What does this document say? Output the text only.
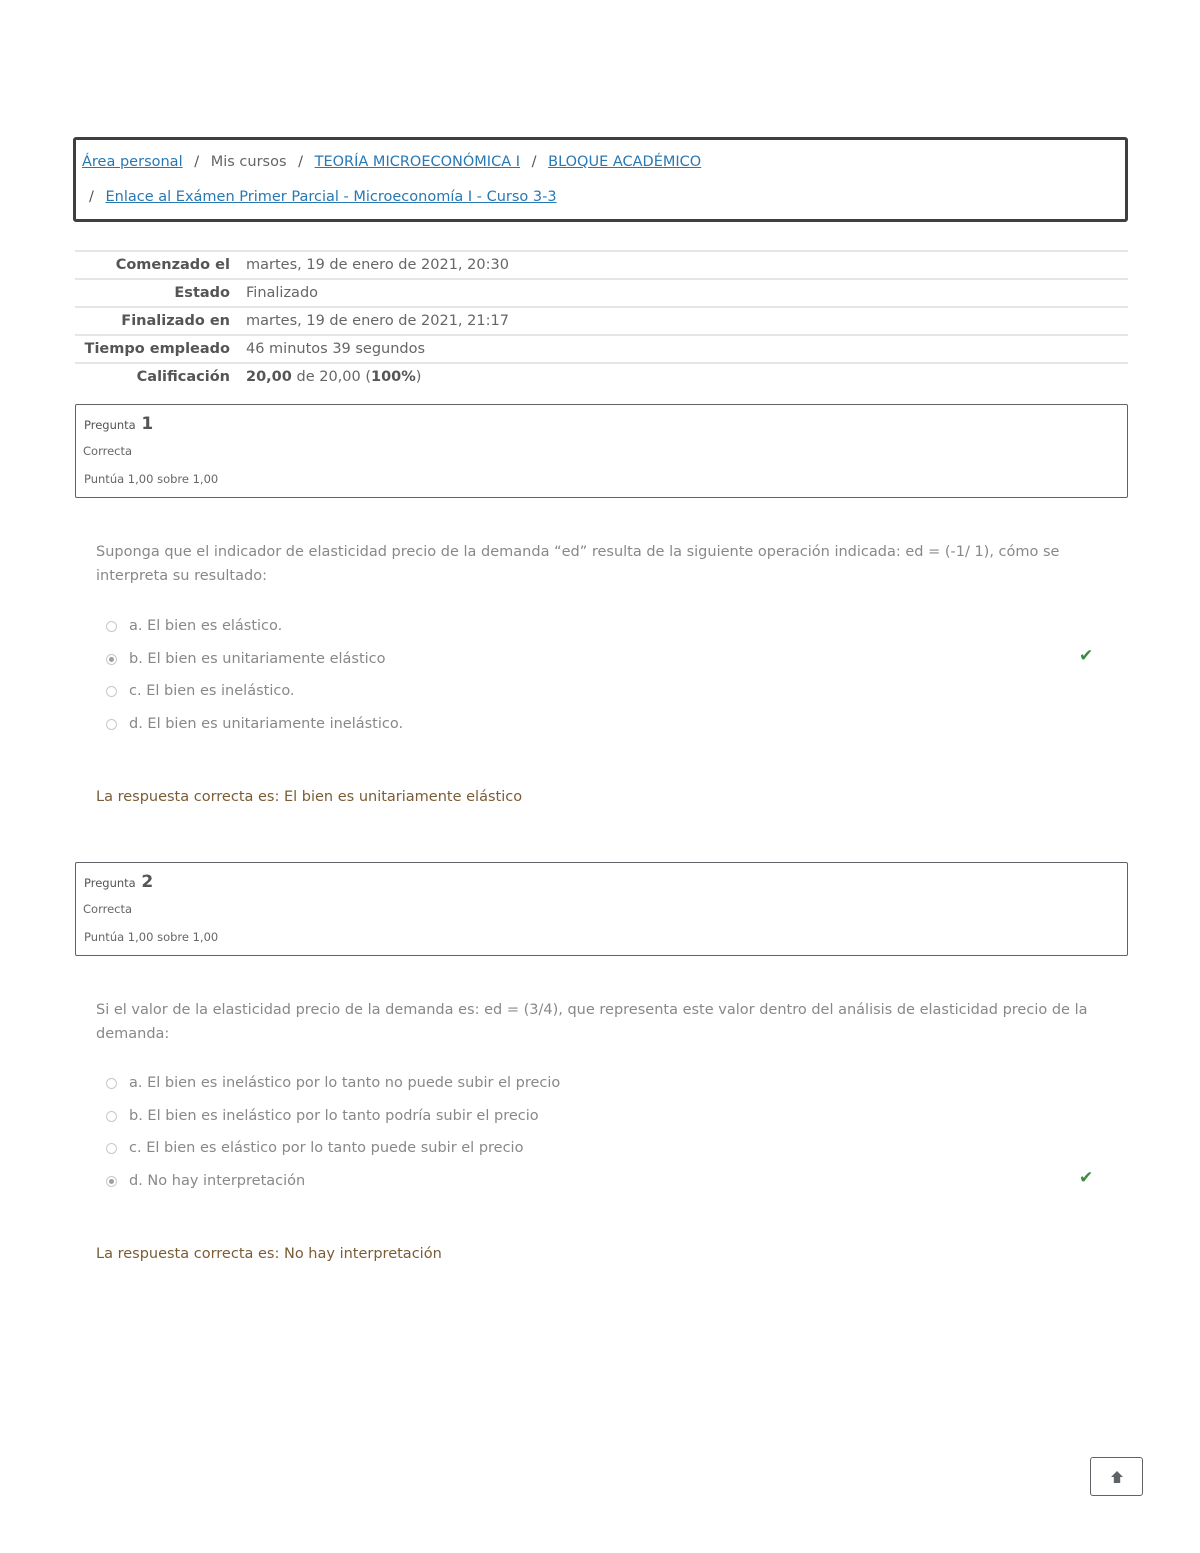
Área personal / Mis cursos / TEORÍA MICROECONÓMICA I / BLOQUE ACADÉMICO
/ Enlace al Exámen Primer Parcial - Microeconomía I - Curso 3-3
Comenzado el martes, 19 de enero de 2021, 20:30
Estado Finalizado
Finalizado en martes, 19 de enero de 2021, 21:17
Tiempo empleado 46 minutos 39 segundos
Calificación 20,00 de 20,00 (100%)
Pregunta 1
Correcta
Puntúa 1,00 sobre 1,00
Suponga que el indicador de elasticidad precio de la demanda “ed” resulta de la siguiente operación indicada: ed = (-1/ 1), cómo se interpreta su resultado:
a. El bien es elástico.
b. El bien es unitariamente elástico	✔
c. El bien es inelástico.
d. El bien es unitariamente inelástico.
La respuesta correcta es: El bien es unitariamente elástico
Pregunta 2
Correcta
Puntúa 1,00 sobre 1,00
Si el valor de la elasticidad precio de la demanda es: ed = (3/4), que representa este valor dentro del análisis de elasticidad precio de la demanda:
a. El bien es inelástico por lo tanto no puede subir el precio
b. El bien es inelástico por lo tanto podría subir el precio
c. El bien es elástico por lo tanto puede subir el precio
d. No hay interpretación	✔
La respuesta correcta es: No hay interpretación
